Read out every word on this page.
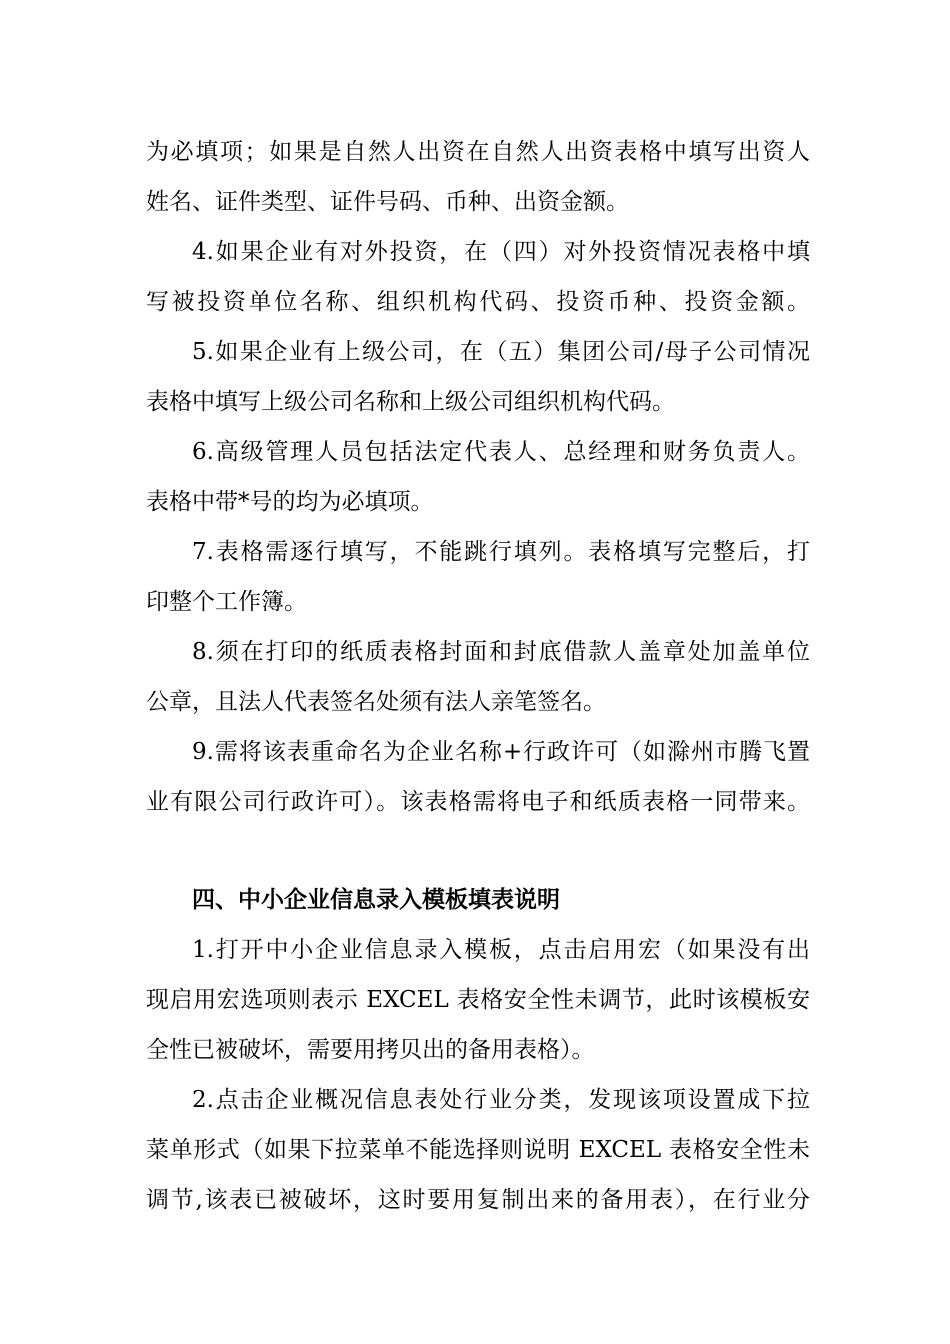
为必填项；如果是自然人出资在自然人出资表格中填写出资人
姓名、证件类型、证件号码、币种、出资金额。
4.如果企业有对外投资，在（四）对外投资情况表格中填
写被投资单位名称、组织机构代码、投资币种、投资金额。
5.如果企业有上级公司，在（五）集团公司/母子公司情况
表格中填写上级公司名称和上级公司组织机构代码。
6.高级管理人员包括法定代表人、总经理和财务负责人。
表格中带*号的均为必填项。
7.表格需逐行填写，不能跳行填列。表格填写完整后，打
印整个工作簿。
8.须在打印的纸质表格封面和封底借款人盖章处加盖单位
公章，且法人代表签名处须有法人亲笔签名。
9.需将该表重命名为企业名称+行政许可（如滁州市腾飞置
业有限公司行政许可）。该表格需将电子和纸质表格一同带来。
四、中小企业信息录入模板填表说明
1.打开中小企业信息录入模板，点击启用宏（如果没有出
现启用宏选项则表示 EXCEL 表格安全性未调节，此时该模板安
全性已被破坏，需要用拷贝出的备用表格）。
2.点击企业概况信息表处行业分类，发现该项设置成下拉
菜单形式（如果下拉菜单不能选择则说明 EXCEL 表格安全性未
调节,该表已被破坏，这时要用复制出来的备用表），在行业分
